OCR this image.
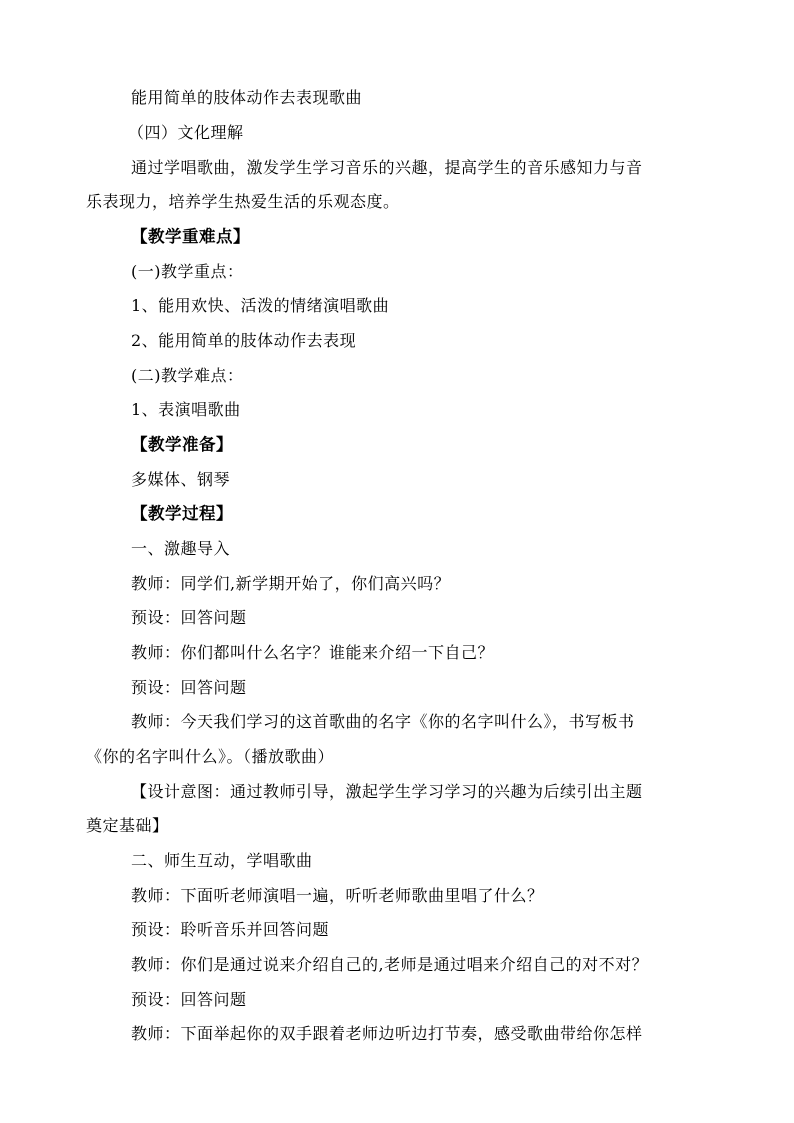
能用简单的肢体动作去表现歌曲
（四）文化理解
通过学唱歌曲，激发学生学习音乐的兴趣，提高学生的音乐感知力与音
乐表现力，培养学生热爱生活的乐观态度。
【教学重难点】
(一)教学重点：
1、能用欢快、活泼的情绪演唱歌曲
2、能用简单的肢体动作去表现
(二)教学难点：
1、表演唱歌曲
【教学准备】
多媒体、钢琴
【教学过程】
一、激趣导入
教师：同学们,新学期开始了，你们高兴吗？
预设：回答问题
教师：你们都叫什么名字？谁能来介绍一下自己？
预设：回答问题
教师：今天我们学习的这首歌曲的名字《你的名字叫什么》，书写板书
《你的名字叫什么》。（播放歌曲）
【设计意图：通过教师引导，激起学生学习学习的兴趣为后续引出主题
奠定基础】
二、师生互动，学唱歌曲
教师：下面听老师演唱一遍，听听老师歌曲里唱了什么？
预设：聆听音乐并回答问题
教师：你们是通过说来介绍自己的,老师是通过唱来介绍自己的对不对？
预设：回答问题
教师：下面举起你的双手跟着老师边听边打节奏，感受歌曲带给你怎样
